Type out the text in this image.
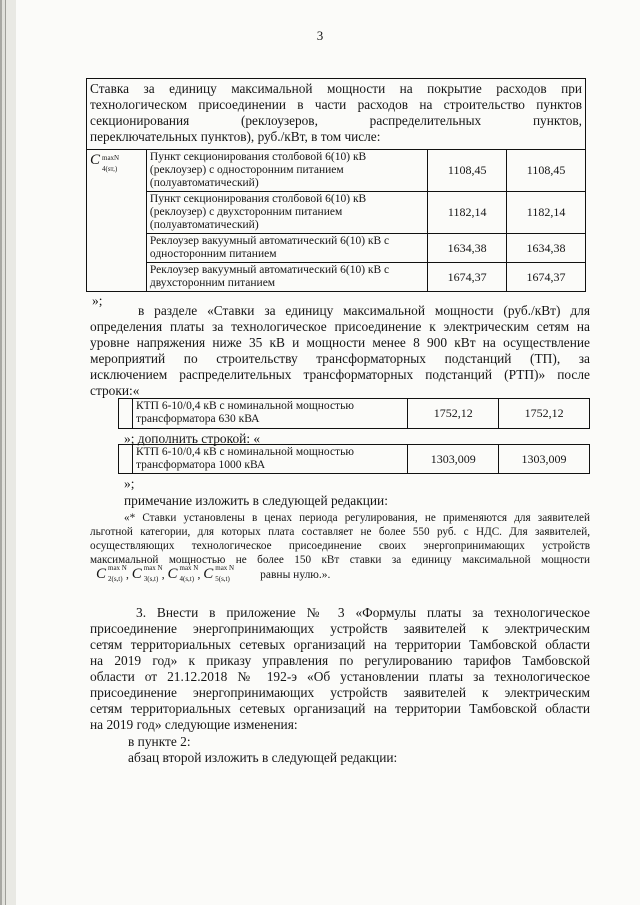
3
Ставка за единицу максимальной мощности на покрытие расходов при
технологическом присоединении в части расходов на строительство пунктов
секционирования (реклоузеров, распределительных пунктов,
переключательных пунктов), руб./кВт, в том числе:
C maxN
4(ѕт,)	Пункт секционирования столбовой 6(10) кВ (реклоузер) с односторонним питанием (полуавтоматический)	1108,45	1108,45
	Пункт секционирования столбовой 6(10) кВ (реклоузер) с двухсторонним питанием (полуавтоматический)	1182,14	1182,14
	Реклоузер вакуумный автоматический 6(10) кВ с односторонним питанием	1634,38	1634,38
	Реклоузер вакуумный автоматический 6(10) кВ с двухсторонним питанием	1674,37	1674,37
»;
в разделе «Ставки за единицу максимальной мощности (руб./кВт) для
определения платы за технологическое присоединение к электрическим сетям на
уровне напряжения ниже 35 кВ и мощности менее 8 900 кВт на осуществление
мероприятий по строительству трансформаторных подстанций (ТП), за
исключением распределительных трансформаторных подстанций (РТП)» после
строки:«
	КТП 6-10/0,4 кВ с номинальной мощностью трансформатора 630 кВА	1752,12	1752,12
»; дополнить строкой: «
	КТП 6-10/0,4 кВ с номинальной мощностью трансформатора 1000 кВА	1303,009	1303,009
»;
примечание изложить в следующей редакции:
«* Ставки установлены в ценах периода регулирования, не применяются для заявителей
льготной категории, для которых плата составляет не более 550 руб. с НДС. Для заявителей,
осуществляющих технологическое присоединение своих энергопринимающих устройств
максимальной мощностью не более 150 кВт ставки за единицу максимальной мощности
C max N
2(s,t) , C max N
3(s,t) , C max N
4(s,t) , C max N
5(s,t)	равны нулю.».
3. Внести в приложение № 3 «Формулы платы за технологическое
присоединение энергопринимающих устройств заявителей к электрическим
сетям территориальных сетевых организаций на территории Тамбовской области
на 2019 год» к приказу управления по регулированию тарифов Тамбовской
области от 21.12.2018 № 192-э «Об установлении платы за технологическое
присоединение энергопринимающих устройств заявителей к электрическим
сетям территориальных сетевых организаций на территории Тамбовской области
на 2019 год» следующие изменения:
в пункте 2:
абзац второй изложить в следующей редакции:
